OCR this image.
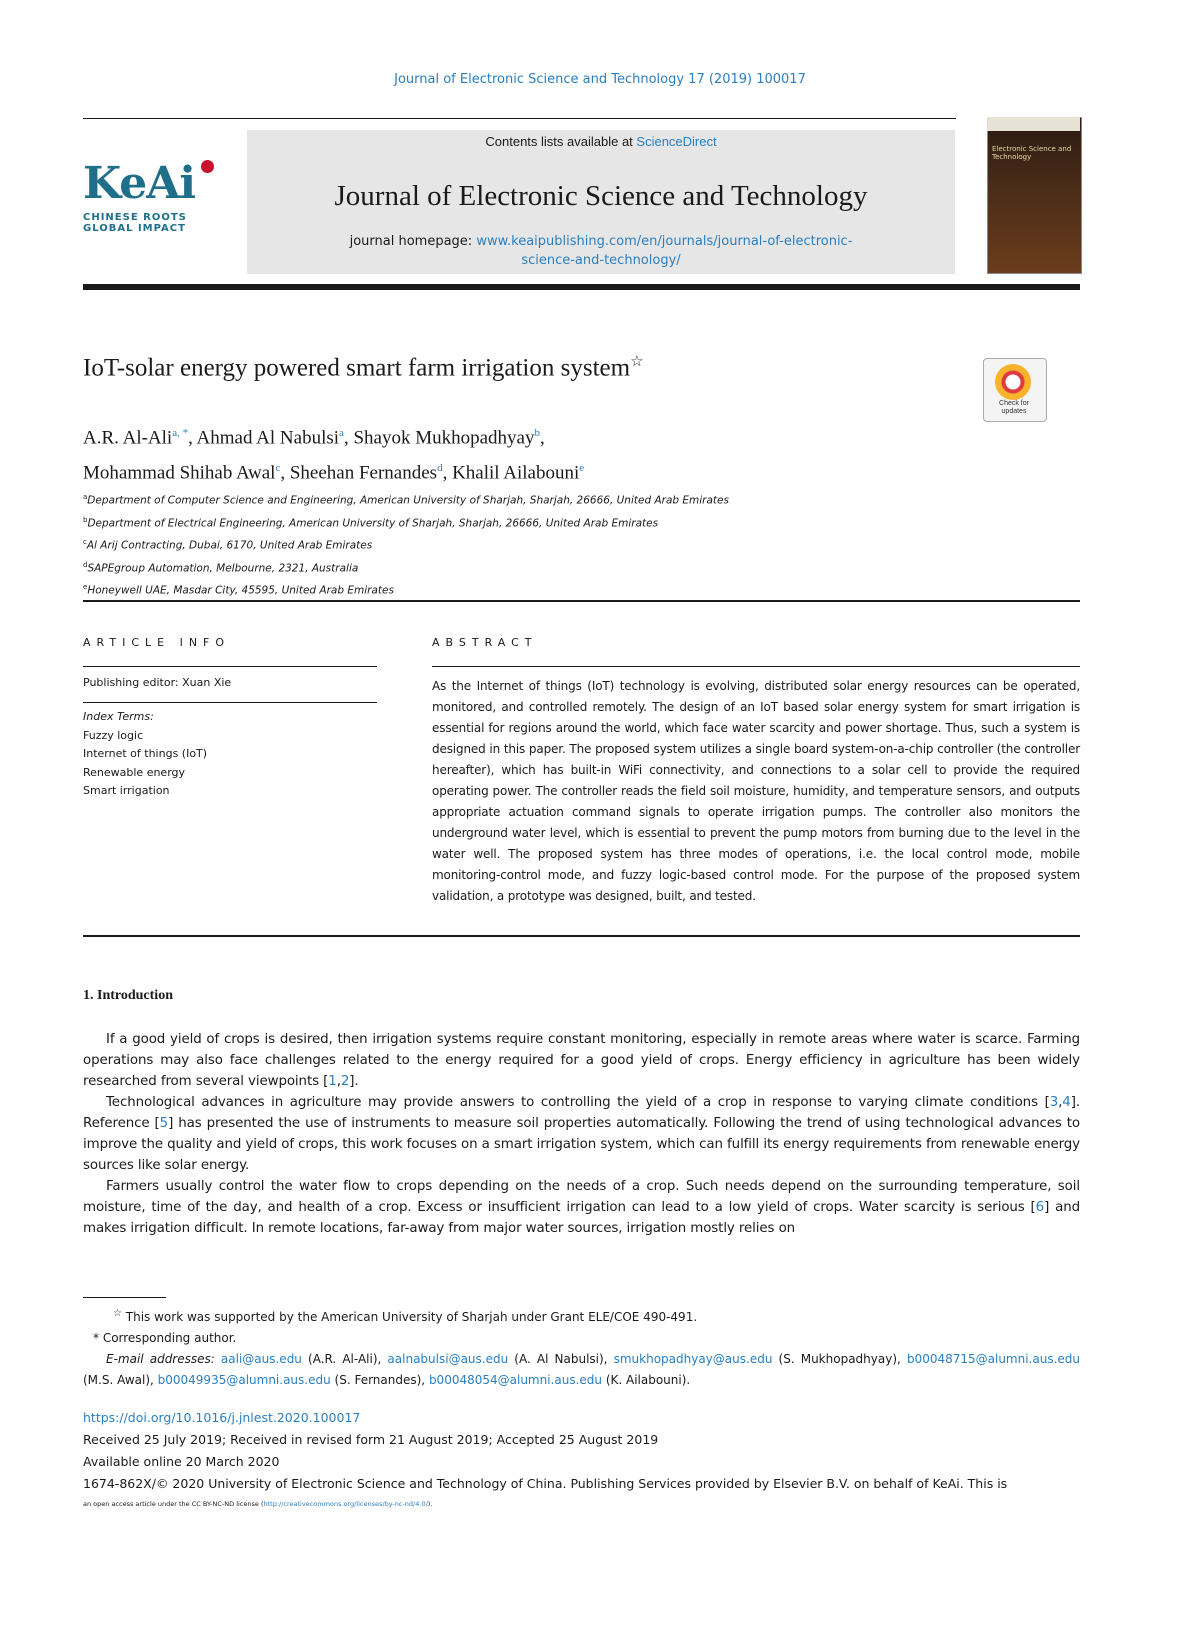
Journal of Electronic Science and Technology 17 (2019) 100017
KeAi
CHINESE ROOTS
GLOBAL IMPACT
Contents lists available at ScienceDirect
Journal of Electronic Science and Technology
journal homepage: www.keaipublishing.com/en/journals/journal-of-electronic-
science-and-technology/
Electronic Science and Technology
IoT-solar energy powered smart farm irrigation system☆
Check for updates
A.R. Al-Ali$^{a, *}$, Ahmad Al Nabulsi$^a$, Shayok Mukhopadhyay$^b$,
Mohammad Shihab Awal$^c$, Sheehan Fernandes$^d$, Khalil Ailabouni$^e$
$^a$Department of Computer Science and Engineering, American University of Sharjah, Sharjah, 26666, United Arab Emirates
$^b$Department of Electrical Engineering, American University of Sharjah, Sharjah, 26666, United Arab Emirates
$^c$Al Arij Contracting, Dubai, 6170, United Arab Emirates
$^d$SAPEgroup Automation, Melbourne, 2321, Australia
$^e$Honeywell UAE, Masdar City, 45595, United Arab Emirates
ARTICLE INFO
Publishing editor: Xuan Xie
Index Terms:
Fuzzy logic
Internet of things (IoT)
Renewable energy
Smart irrigation
ABSTRACT
As the Internet of things (IoT) technology is evolving, distributed solar energy resources can be operated, monitored, and controlled remotely. The design of an IoT based solar energy system for smart irrigation is essential for regions around the world, which face water scarcity and power shortage. Thus, such a system is designed in this paper. The proposed system utilizes a single board system-on-a-chip controller (the controller hereafter), which has built-in WiFi connectivity, and connections to a solar cell to provide the required operating power. The controller reads the field soil moisture, humidity, and temperature sensors, and outputs appropriate actuation command signals to operate irrigation pumps. The controller also monitors the underground water level, which is essential to prevent the pump motors from burning due to the level in the water well. The proposed system has three modes of operations, i.e. the local control mode, mobile monitoring-control mode, and fuzzy logic-based control mode. For the purpose of the proposed system validation, a prototype was designed, built, and tested.
1. Introduction

If a good yield of crops is desired, then irrigation systems require constant monitoring, especially in remote areas where water is scarce. Farming operations may also face challenges related to the energy required for a good yield of crops. Energy efficiency in agriculture has been widely researched from several viewpoints [1,2].

Technological advances in agriculture may provide answers to controlling the yield of a crop in response to varying climate conditions [3,4]. Reference [5] has presented the use of instruments to measure soil properties automatically. Following the trend of using technological advances to improve the quality and yield of crops, this work focuses on a smart irrigation system, which can fulfill its energy requirements from renewable energy sources like solar energy.

Farmers usually control the water flow to crops depending on the needs of a crop. Such needs depend on the surrounding temperature, soil moisture, time of the day, and health of a crop. Excess or insufficient irrigation can lead to a low yield of crops. Water scarcity is serious [6] and makes irrigation difficult. In remote locations, far-away from major water sources, irrigation mostly relies on

☆ This work was supported by the American University of Sharjah under Grant ELE/COE 490-491.

* Corresponding author.

E-mail addresses: aali@aus.edu (A.R. Al-Ali), aalnabulsi@aus.edu (A. Al Nabulsi), smukhopadhyay@aus.edu (S. Mukhopadhyay), b00048715@alumni.aus.edu (M.S. Awal), b00049935@alumni.aus.edu (S. Fernandes), b00048054@alumni.aus.edu (K. Ailabouni).

https://doi.org/10.1016/j.jnlest.2020.100017
Received 25 July 2019; Received in revised form 21 August 2019; Accepted 25 August 2019
Available online 20 March 2020
1674-862X/© 2020 University of Electronic Science and Technology of China. Publishing Services provided by Elsevier B.V. on behalf of KeAi. This is
an open access article under the CC BY-NC-ND license (http://creativecommons.org/licenses/by-nc-nd/4.0/).
